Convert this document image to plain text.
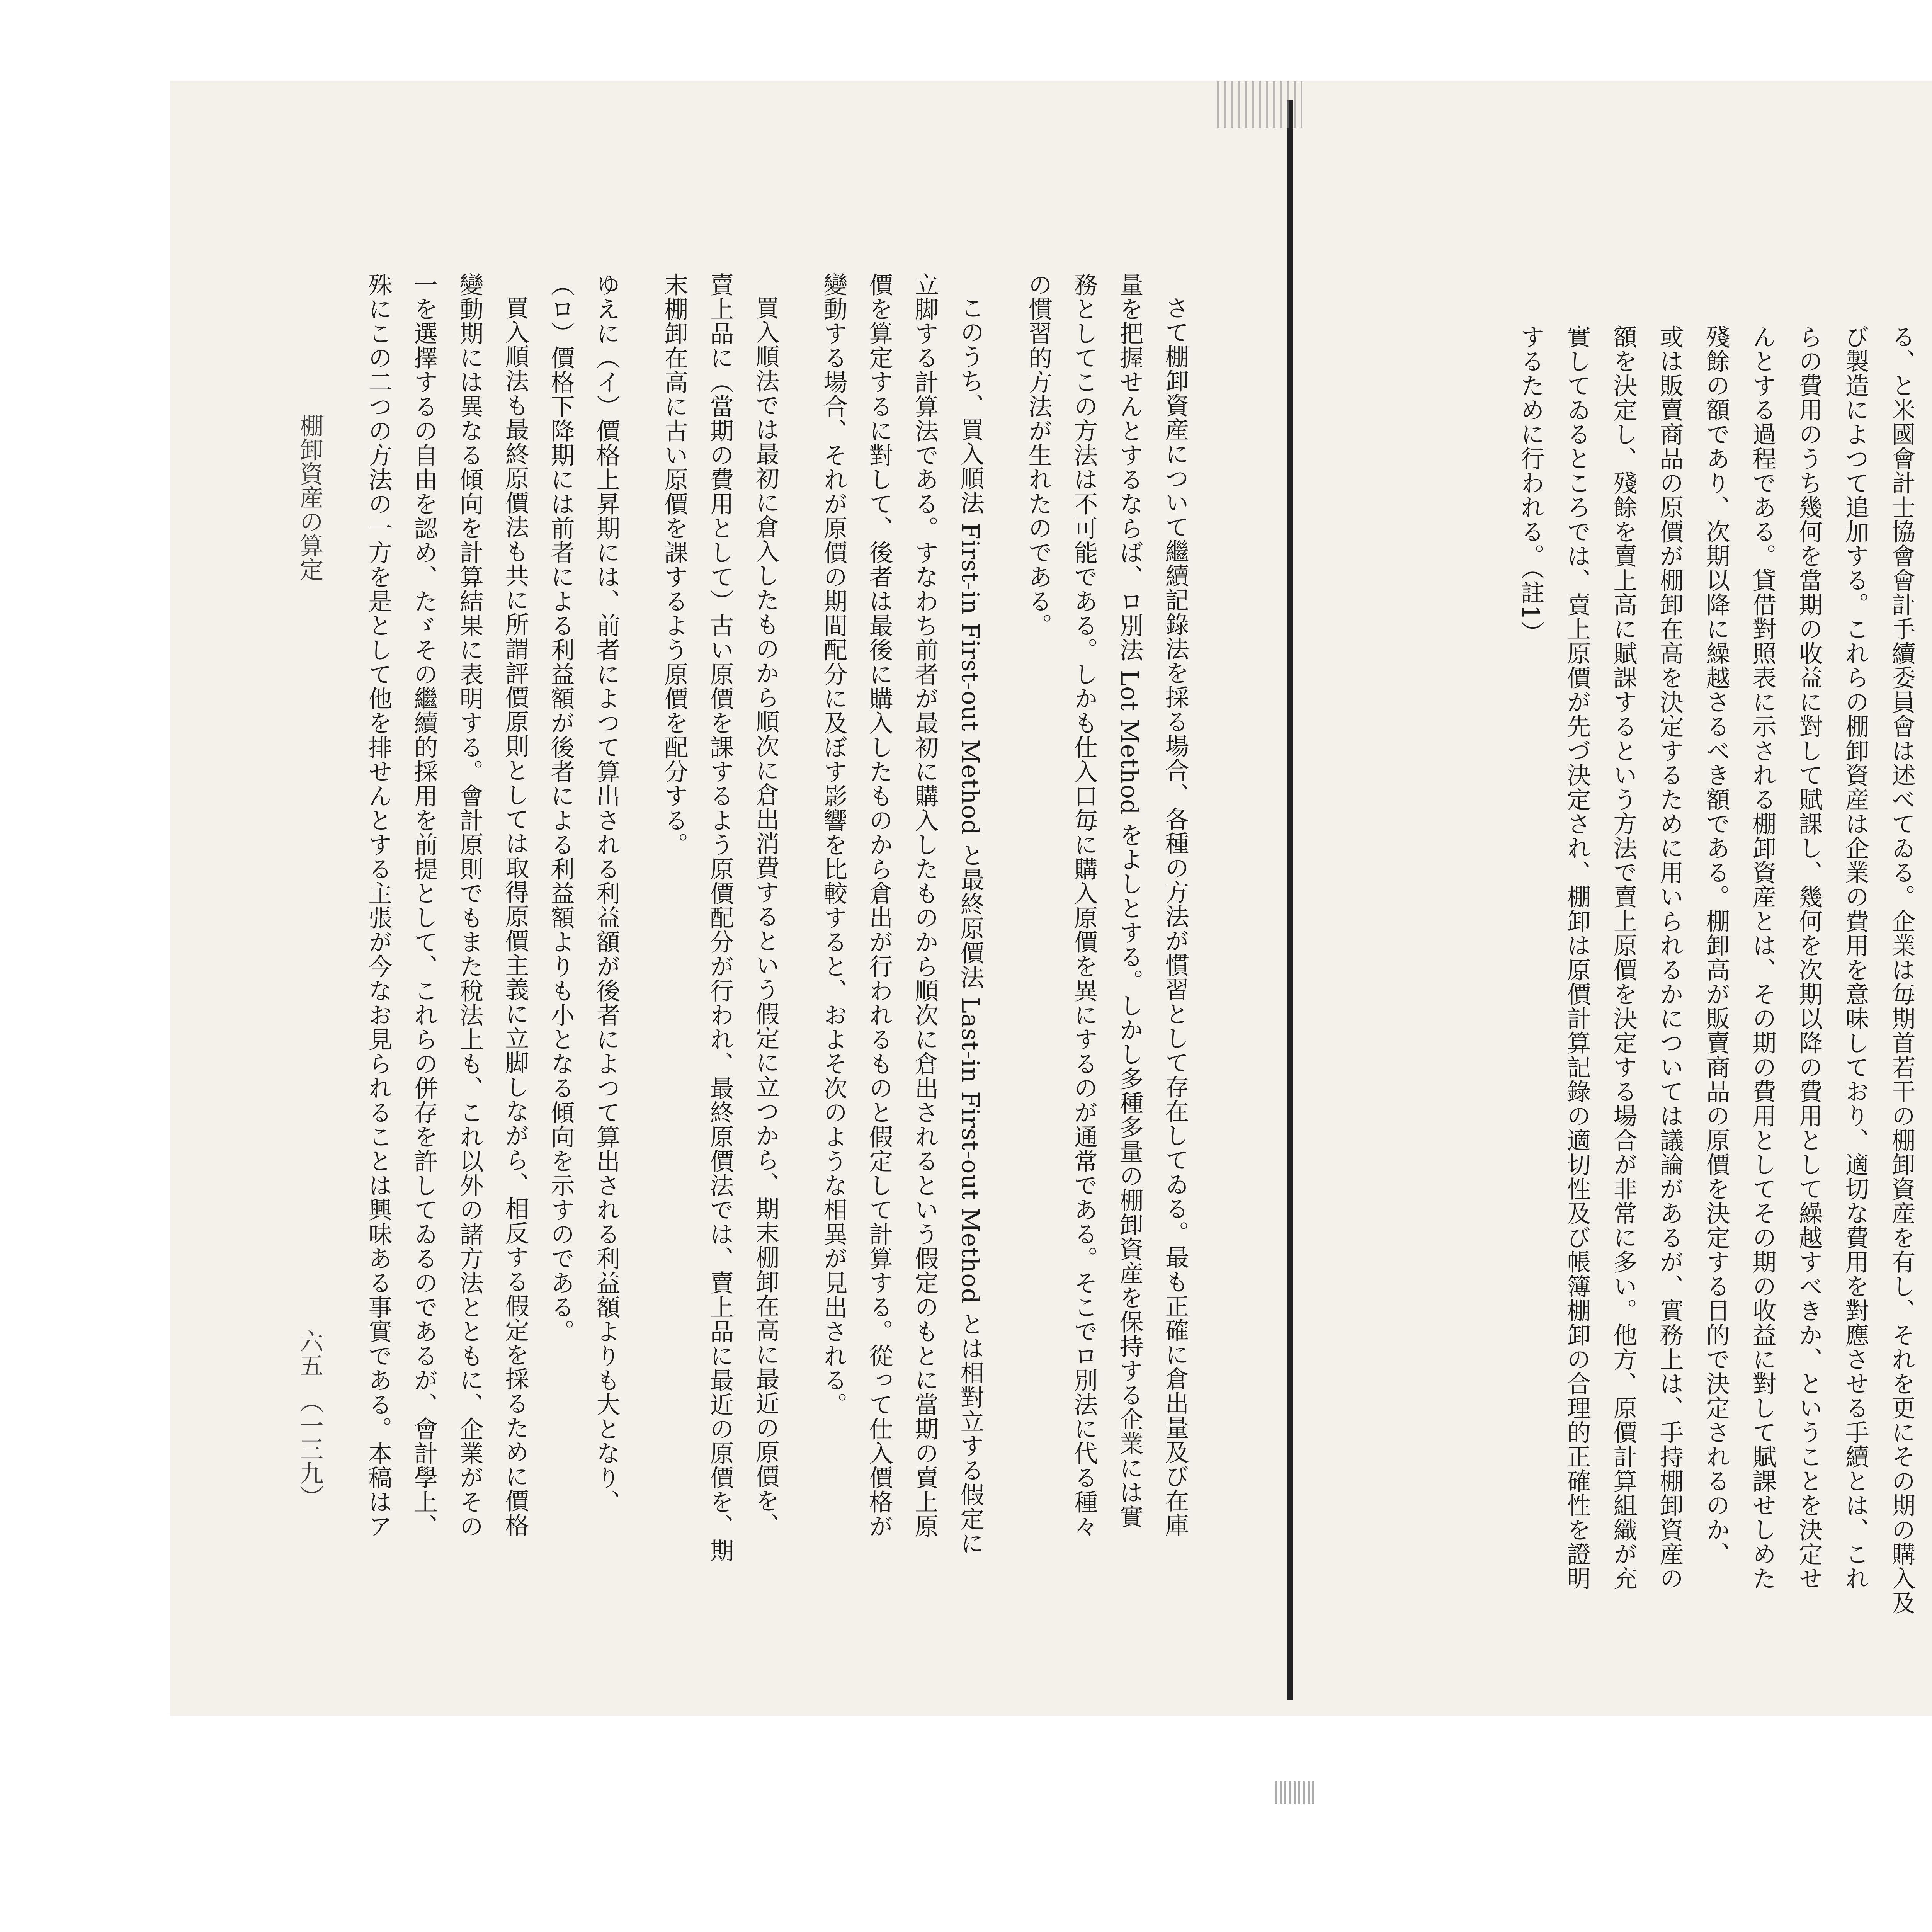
さて棚卸資産について繼續記錄法を採る場合、各種の方法が慣習として存在してゐる。最も正確に倉出量及び在庫
量を把握せんとするならば、ロ別法 Lot Method をよしとする。しかし多種多量の棚卸資産を保持する企業には實
務としてこの方法は不可能である。しかも仕入口毎に購入原價を異にするのが通常である。そこでロ別法に代る種々
の慣習的方法が生れたのである。
このうち、買入順法 First-in First-out Method と最終原價法 Last-in First-out Method とは相對立する假定に
立脚する計算法である。すなわち前者が最初に購入したものから順次に倉出されるという假定のもとに當期の賣上原
價を算定するに對して、後者は最後に購入したものから倉出が行われるものと假定して計算する。從って仕入價格が
變動する場合、それが原價の期間配分に及ぼす影響を比較すると、およそ次のような相異が見出される。
買入順法では最初に倉入したものから順次に倉出消費するという假定に立つから、期末棚卸在高に最近の原價を、
賣上品に（當期の費用として）古い原價を課するよう原價配分が行われ、最終原價法では、賣上品に最近の原價を、期
末棚卸在高に古い原價を課するよう原價を配分する。
ゆえに（イ）價格上昇期には、前者によつて算出される利益額が後者によつて算出される利益額よりも大となり、
（ロ）價格下降期には前者による利益額が後者による利益額よりも小となる傾向を示すのである。
買入順法も最終原價法も共に所謂評價原則としては取得原價主義に立脚しながら、相反する假定を採るために價格
變動期には異なる傾向を計算結果に表明する。會計原則でもまた稅法上も、これ以外の諸方法とともに、企業がその
一を選擇するの自由を認め、たゞその繼續的採用を前提として、これらの併存を許してゐるのであるが、會計學上、
殊にこの二つの方法の一方を是として他を排せんとする主張が今なお見られることは興味ある事實である。本稿はア
棚卸資産の算定
六五　（一三九）	る、と米國會計士協會會計手續委員會は述べてゐる。企業は毎期首若干の棚卸資産を有し、それを更にその期の購入及
び製造によつて追加する。これらの棚卸資産は企業の費用を意味しており、適切な費用を對應させる手續とは、これ
らの費用のうち幾何を當期の收益に對して賦課し、幾何を次期以降の費用として繰越すべきか、ということを決定せ
んとする過程である。貸借對照表に示される棚卸資産とは、その期の費用としてその期の收益に對して賦課せしめた
殘餘の額であり、次期以降に繰越さるべき額である。棚卸高が販賣商品の原價を決定する目的で決定されるのか、
或は販賣商品の原價が棚卸在高を決定するために用いられるかについては議論があるが、實務上は、手持棚卸資産の
額を決定し、殘餘を賣上高に賦課するという方法で賣上原價を決定する場合が非常に多い。他方、原價計算組織が充
實してゐるところでは、賣上原價が先づ決定され、棚卸は原價計算記錄の適切性及び帳簿棚卸の合理的正確性を證明
するために行われる。（註1）
